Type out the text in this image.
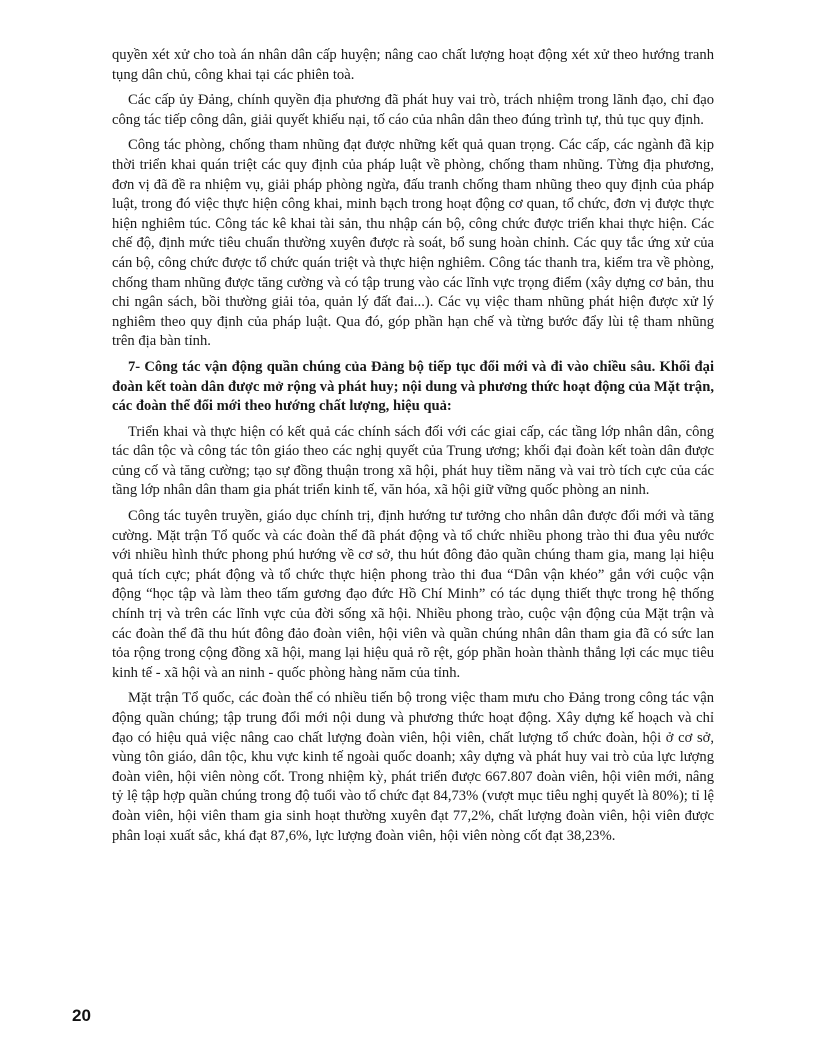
quyền xét xử cho toà án nhân dân cấp huyện; nâng cao chất lượng hoạt động xét xử theo hướng tranh tụng dân chủ, công khai tại các phiên toà.

Các cấp ủy Đảng, chính quyền địa phương đã phát huy vai trò, trách nhiệm trong lãnh đạo, chỉ đạo công tác tiếp công dân, giải quyết khiếu nại, tố cáo của nhân dân theo đúng trình tự, thủ tục quy định.

Công tác phòng, chống tham nhũng đạt được những kết quả quan trọng. Các cấp, các ngành đã kịp thời triển khai quán triệt các quy định của pháp luật về phòng, chống tham nhũng. Từng địa phương, đơn vị đã đề ra nhiệm vụ, giải pháp phòng ngừa, đấu tranh chống tham nhũng theo quy định của pháp luật, trong đó việc thực hiện công khai, minh bạch trong hoạt động cơ quan, tổ chức, đơn vị được thực hiện nghiêm túc. Công tác kê khai tài sản, thu nhập cán bộ, công chức được triển khai thực hiện. Các chế độ, định mức tiêu chuẩn thường xuyên được rà soát, bổ sung hoàn chỉnh. Các quy tắc ứng xử của cán bộ, công chức được tổ chức quán triệt và thực hiện nghiêm. Công tác thanh tra, kiểm tra về phòng, chống tham nhũng được tăng cường và có tập trung vào các lĩnh vực trọng điểm (xây dựng cơ bản, thu chi ngân sách, bồi thường giải tỏa, quản lý đất đai...). Các vụ việc tham nhũng phát hiện được xử lý nghiêm theo quy định của pháp luật. Qua đó, góp phần hạn chế và từng bước đẩy lùi tệ tham nhũng trên địa bàn tỉnh.

7- Công tác vận động quần chúng của Đảng bộ tiếp tục đổi mới và đi vào chiều sâu. Khối đại đoàn kết toàn dân được mở rộng và phát huy; nội dung và phương thức hoạt động của Mặt trận, các đoàn thể đổi mới theo hướng chất lượng, hiệu quả:

Triển khai và thực hiện có kết quả các chính sách đối với các giai cấp, các tầng lớp nhân dân, công tác dân tộc và công tác tôn giáo theo các nghị quyết của Trung ương; khối đại đoàn kết toàn dân được củng cố và tăng cường; tạo sự đồng thuận trong xã hội, phát huy tiềm năng và vai trò tích cực của các tầng lớp nhân dân tham gia phát triển kinh tế, văn hóa, xã hội giữ vững quốc phòng an ninh.

Công tác tuyên truyền, giáo dục chính trị, định hướng tư tưởng cho nhân dân được đổi mới và tăng cường. Mặt trận Tổ quốc và các đoàn thể đã phát động và tổ chức nhiều phong trào thi đua yêu nước với nhiều hình thức phong phú hướng về cơ sở, thu hút đông đảo quần chúng tham gia, mang lại hiệu quả tích cực; phát động và tổ chức thực hiện phong trào thi đua “Dân vận khéo” gắn với cuộc vận động “học tập và làm theo tấm gương đạo đức Hồ Chí Minh” có tác dụng thiết thực trong hệ thống chính trị và trên các lĩnh vực của đời sống xã hội. Nhiều phong trào, cuộc vận động của Mặt trận và các đoàn thể đã thu hút đông đảo đoàn viên, hội viên và quần chúng nhân dân tham gia đã có sức lan tỏa rộng trong cộng đồng xã hội, mang lại hiệu quả rõ rệt, góp phần hoàn thành thắng lợi các mục tiêu kinh tế - xã hội và an ninh - quốc phòng hàng năm của tỉnh.

Mặt trận Tổ quốc, các đoàn thể có nhiều tiến bộ trong việc tham mưu cho Đảng trong công tác vận động quần chúng; tập trung đổi mới nội dung và phương thức hoạt động. Xây dựng kế hoạch và chỉ đạo có hiệu quả việc nâng cao chất lượng đoàn viên, hội viên, chất lượng tổ chức đoàn, hội ở cơ sở, vùng tôn giáo, dân tộc, khu vực kinh tế ngoài quốc doanh; xây dựng và phát huy vai trò của lực lượng đoàn viên, hội viên nòng cốt. Trong nhiệm kỳ, phát triển được 667.807 đoàn viên, hội viên mới, nâng tỷ lệ tập hợp quần chúng trong độ tuổi vào tổ chức đạt 84,73% (vượt mục tiêu nghị quyết là 80%); tỉ lệ đoàn viên, hội viên tham gia sinh hoạt thường xuyên đạt 77,2%, chất lượng đoàn viên, hội viên được phân loại xuất sắc, khá đạt 87,6%, lực lượng đoàn viên, hội viên nòng cốt đạt 38,23%.

20
